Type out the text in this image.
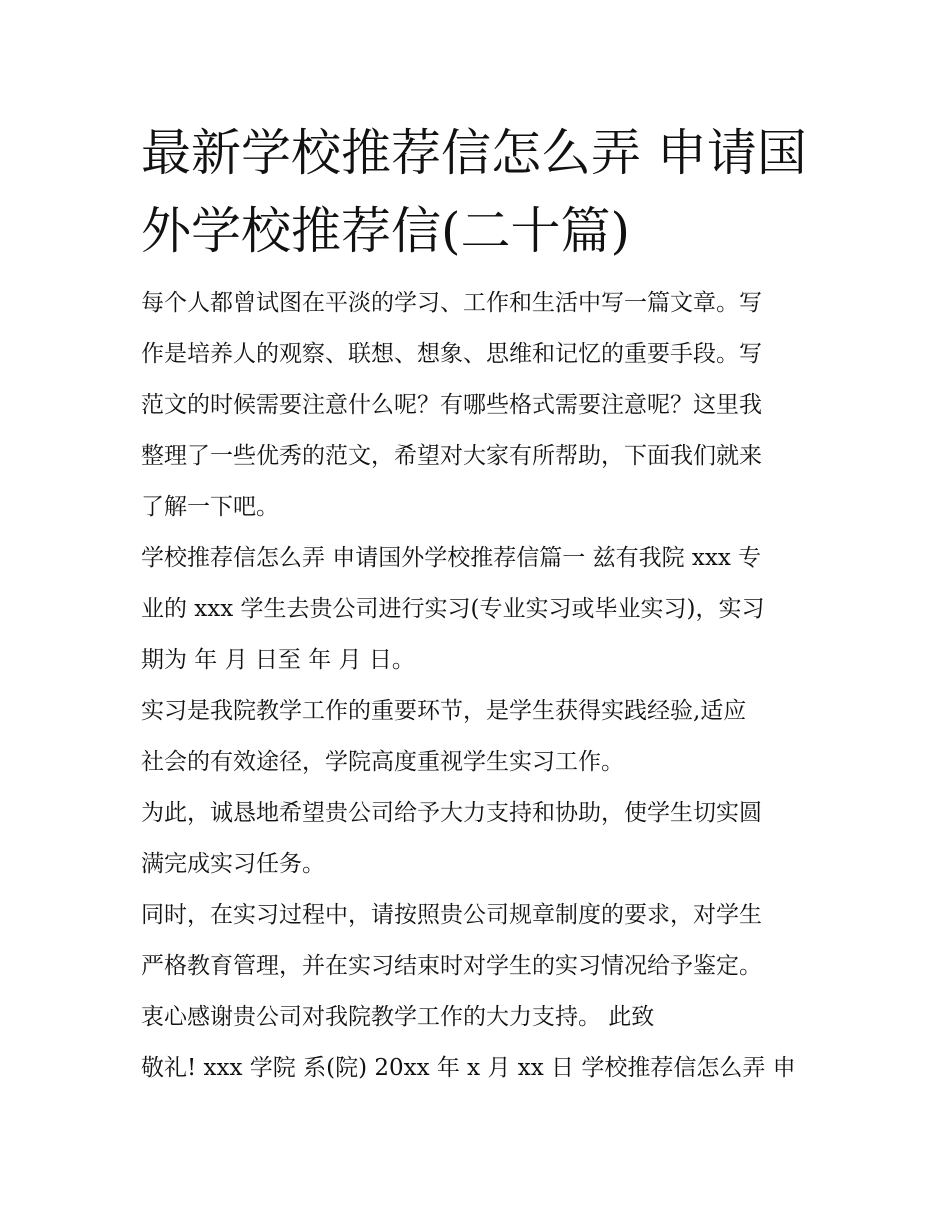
最新学校推荐信怎么弄 申请国
外学校推荐信(二十篇)
每个人都曾试图在平淡的学习、工作和生活中写一篇文章。写
作是培养人的观察、联想、想象、思维和记忆的重要手段。写
范文的时候需要注意什么呢？有哪些格式需要注意呢？这里我
整理了一些优秀的范文，希望对大家有所帮助，下面我们就来
了解一下吧。
学校推荐信怎么弄 申请国外学校推荐信篇一 兹有我院 xxx 专
业的 xxx 学生去贵公司进行实习(专业实习或毕业实习)，实习
期为 年 月 日至 年 月 日。
实习是我院教学工作的重要环节，是学生获得实践经验,适应
社会的有效途径，学院高度重视学生实习工作。
为此，诚恳地希望贵公司给予大力支持和协助，使学生切实圆
满完成实习任务。
同时，在实习过程中，请按照贵公司规章制度的要求，对学生
严格教育管理，并在实习结束时对学生的实习情况给予鉴定。
衷心感谢贵公司对我院教学工作的大力支持。 此致
敬礼! xxx 学院 系(院) 20xx 年 x 月 xx 日 学校推荐信怎么弄 申
